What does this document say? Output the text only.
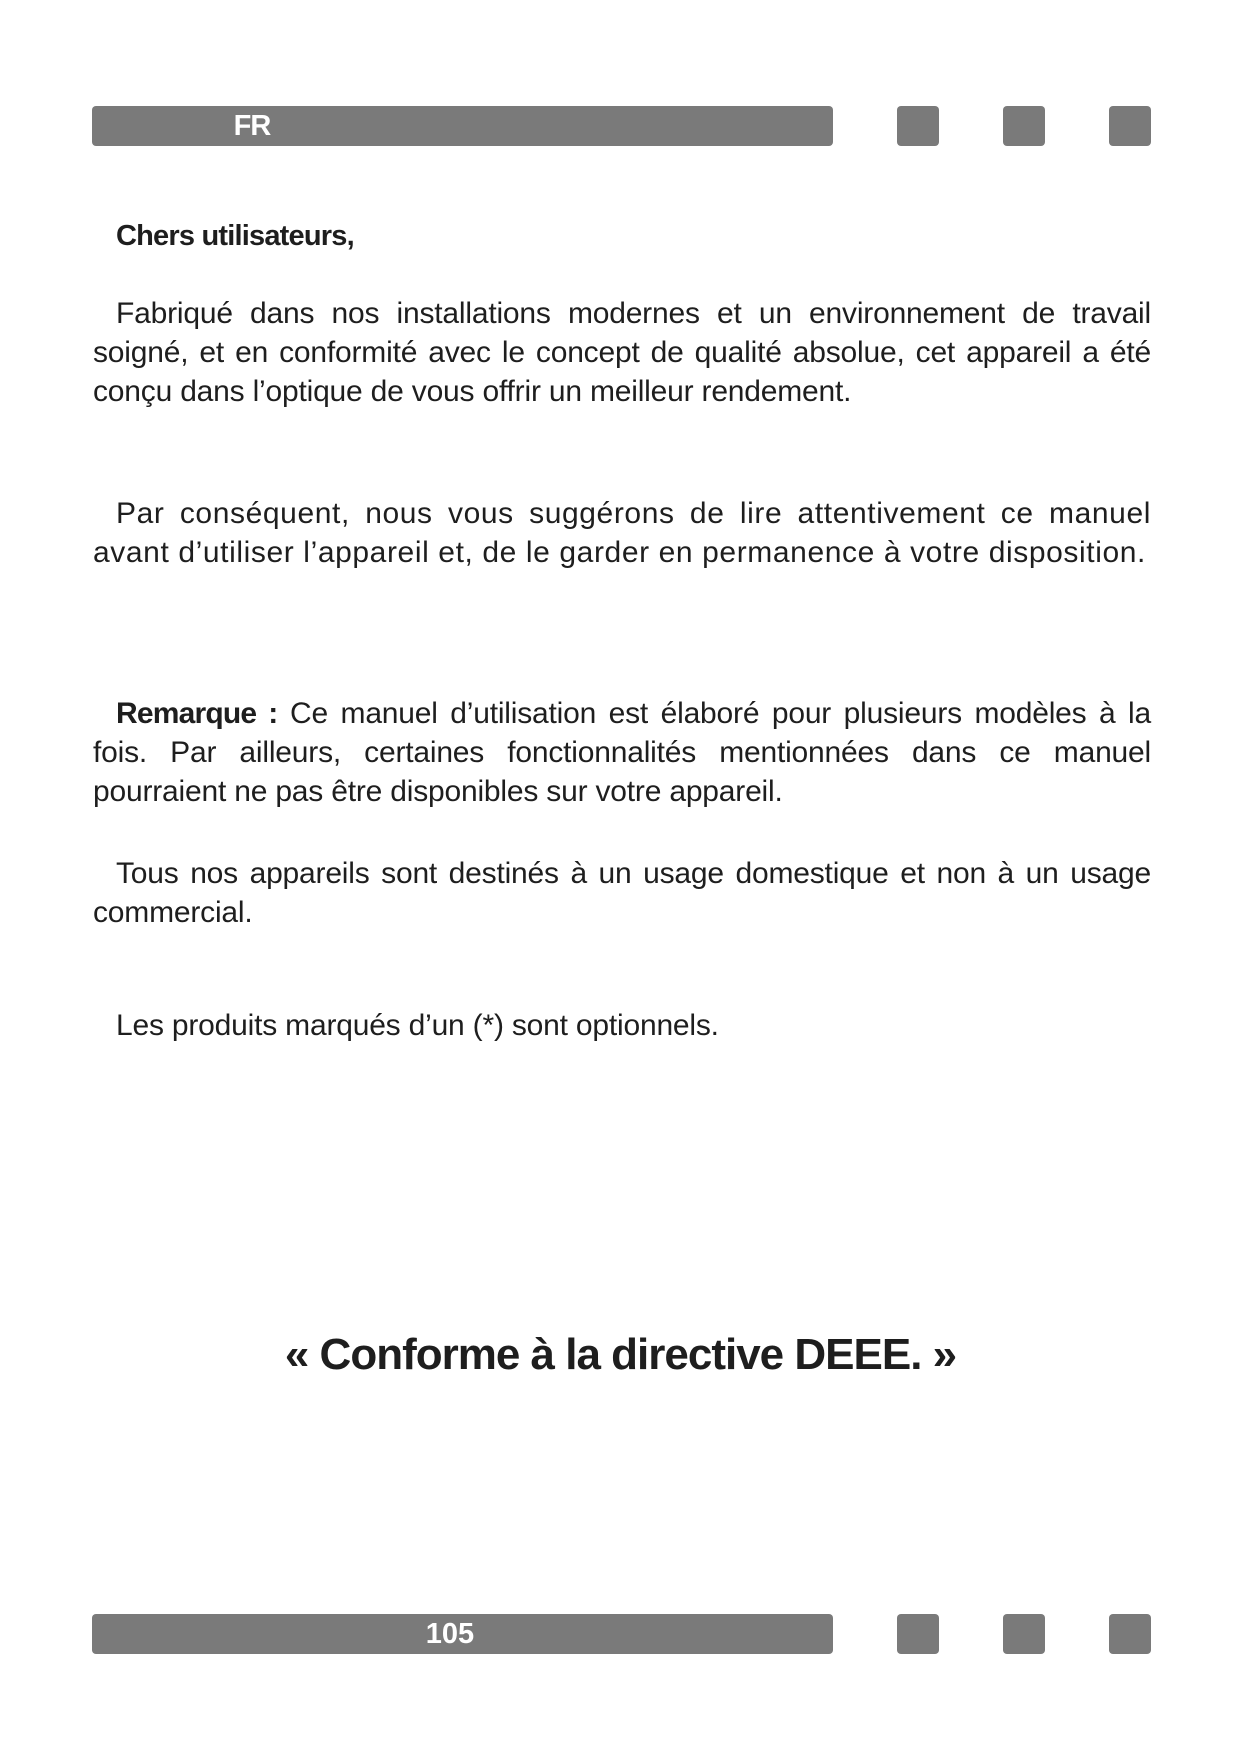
FR
Chers utilisateurs,

Fabriqué dans nos installations modernes et un environnement de travail soigné, et en conformité avec le concept de qualité absolue, cet appareil a été conçu dans l’optique de vous offrir un meilleur rendement.

Par conséquent, nous vous suggérons de lire attentivement ce manuel avant d’utiliser l’appareil et, de le garder en permanence à votre disposition.

Remarque : Ce manuel d’utilisation est élaboré pour plusieurs modèles à la fois. Par ailleurs, certaines fonctionnalités mentionnées dans ce manuel pourraient ne pas être disponibles sur votre appareil.

Tous nos appareils sont destinés à un usage domestique et non à un usage commercial.

Les produits marqués d’un (*) sont optionnels.

« Conforme à la directive DEEE. »
105
